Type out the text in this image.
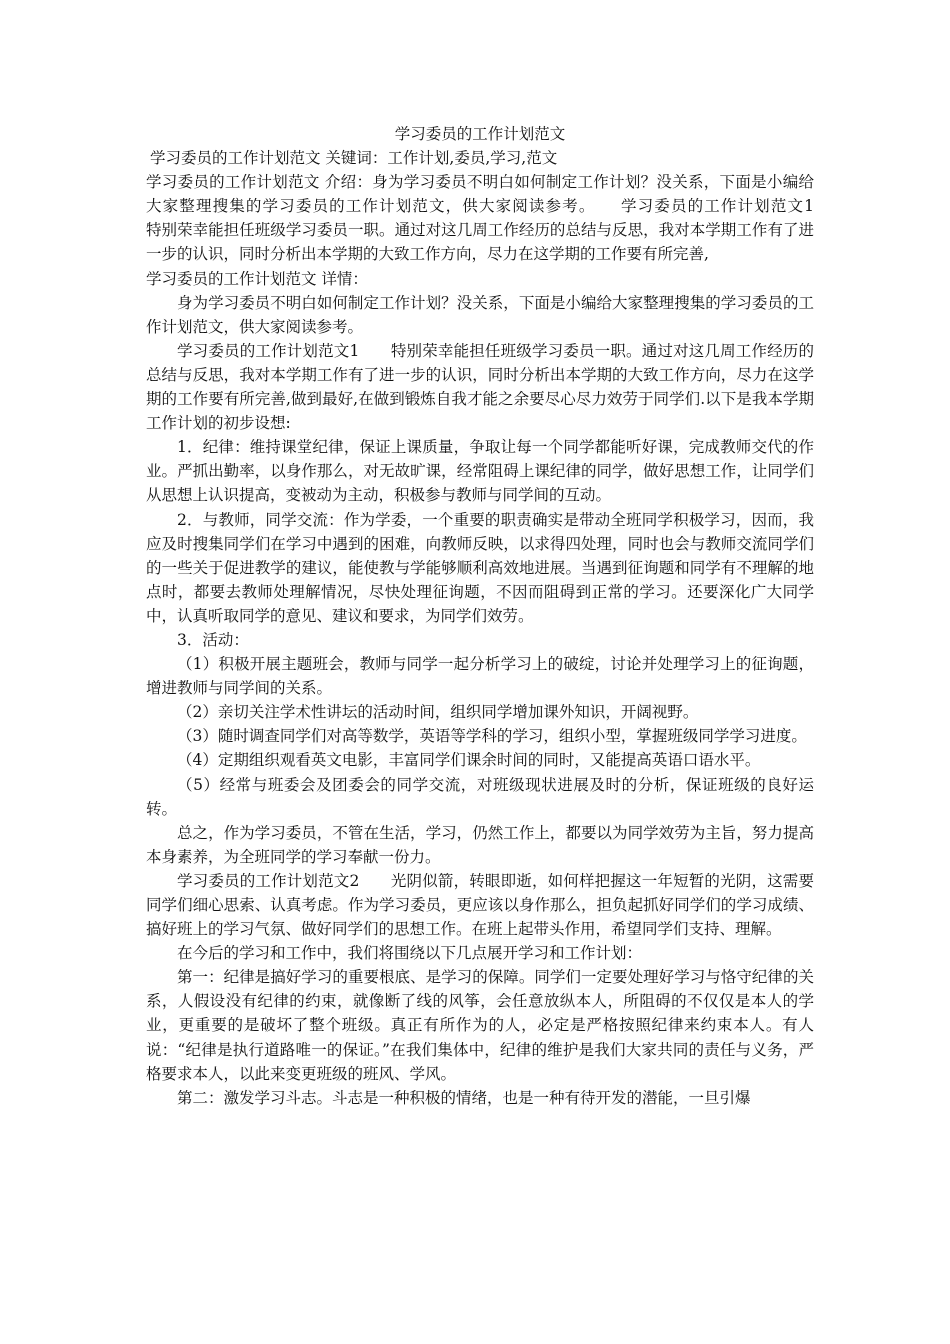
学习委员的工作计划范文

学习委员的工作计划范文 关键词：工作计划,委员,学习,范文

学习委员的工作计划范文 介绍：身为学习委员不明白如何制定工作计划？没关系，下面是小编给大家整理搜集的学习委员的工作计划范文，供大家阅读参考。　　学习委员的工作计划范文1　　特别荣幸能担任班级学习委员一职。通过对这几周工作经历的总结与反思，我对本学期工作有了进一步的认识，同时分析出本学期的大致工作方向，尽力在这学期的工作要有所完善,

学习委员的工作计划范文 详情：

身为学习委员不明白如何制定工作计划？没关系，下面是小编给大家整理搜集的学习委员的工作计划范文，供大家阅读参考。

学习委员的工作计划范文1　　特别荣幸能担任班级学习委员一职。通过对这几周工作经历的总结与反思，我对本学期工作有了进一步的认识，同时分析出本学期的大致工作方向，尽力在这学期的工作要有所完善,做到最好,在做到锻炼自我才能之余要尽心尽力效劳于同学们.以下是我本学期工作计划的初步设想:

1．纪律：维持课堂纪律，保证上课质量，争取让每一个同学都能听好课，完成教师交代的作业。严抓出勤率，以身作那么，对无故旷课，经常阻碍上课纪律的同学，做好思想工作，让同学们从思想上认识提高，变被动为主动，积极参与教师与同学间的互动。

2．与教师，同学交流：作为学委，一个重要的职责确实是带动全班同学积极学习，因而，我应及时搜集同学们在学习中遇到的困难，向教师反映，以求得四处理，同时也会与教师交流同学们的一些关于促进教学的建议，能使教与学能够顺利高效地进展。当遇到征询题和同学有不理解的地点时，都要去教师处理解情况，尽快处理征询题，不因而阻碍到正常的学习。还要深化广大同学中，认真听取同学的意见、建议和要求，为同学们效劳。

3．活动：

（1）积极开展主题班会，教师与同学一起分析学习上的破绽，讨论并处理学习上的征询题，增进教师与同学间的关系。

（2）亲切关注学术性讲坛的活动时间，组织同学增加课外知识，开阔视野。

（3）随时调查同学们对高等数学，英语等学科的学习，组织小型，掌握班级同学学习进度。

（4）定期组织观看英文电影，丰富同学们课余时间的同时，又能提高英语口语水平。

（5）经常与班委会及团委会的同学交流，对班级现状进展及时的分析，保证班级的良好运转。

总之，作为学习委员，不管在生活，学习，仍然工作上，都要以为同学效劳为主旨，努力提高本身素养，为全班同学的学习奉献一份力。

学习委员的工作计划范文2　　光阴似箭，转眼即逝，如何样把握这一年短暂的光阴，这需要同学们细心思索、认真考虑。作为学习委员，更应该以身作那么，担负起抓好同学们的学习成绩、搞好班上的学习气氛、做好同学们的思想工作。在班上起带头作用，希望同学们支持、理解。

在今后的学习和工作中，我们将围绕以下几点展开学习和工作计划：

第一：纪律是搞好学习的重要根底、是学习的保障。同学们一定要处理好学习与恪守纪律的关系，人假设没有纪律的约束，就像断了线的风筝，会任意放纵本人，所阻碍的不仅仅是本人的学业，更重要的是破坏了整个班级。真正有所作为的人，必定是严格按照纪律来约束本人。有人说：“纪律是执行道路唯一的保证。”在我们集体中，纪律的维护是我们大家共同的责任与义务，严格要求本人，以此来变更班级的班风、学风。

第二：激发学习斗志。斗志是一种积极的情绪，也是一种有待开发的潜能，一旦引爆
